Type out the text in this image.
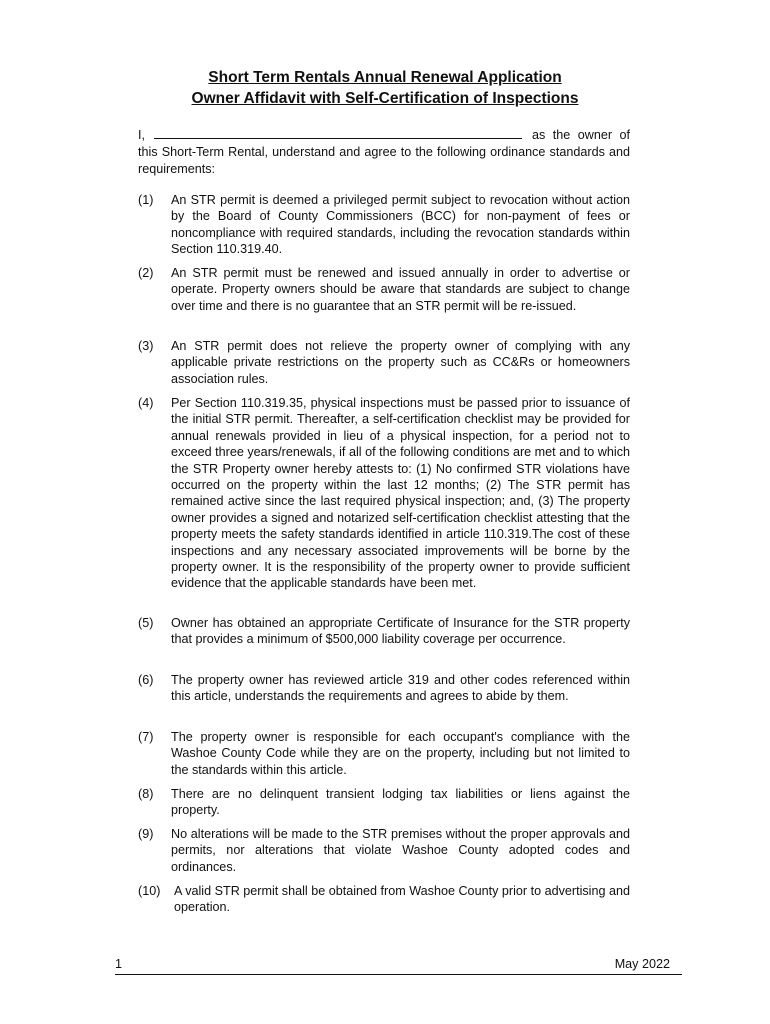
Short Term Rentals Annual Renewal Application
Owner Affidavit with Self-Certification of Inspections
I,	as the owner of this Short-Term Rental, understand and agree to the following ordinance standards and requirements:
(1)	An STR permit is deemed a privileged permit subject to revocation without action by the Board of County Commissioners (BCC) for non-payment of fees or noncompliance with required standards, including the revocation standards within Section 110.319.40.
(2)	An STR permit must be renewed and issued annually in order to advertise or operate. Property owners should be aware that standards are subject to change over time and there is no guarantee that an STR permit will be re-issued.
(3)	An STR permit does not relieve the property owner of complying with any applicable private restrictions on the property such as CC&Rs or homeowners association rules.
(4)	Per Section 110.319.35, physical inspections must be passed prior to issuance of the initial STR permit. Thereafter, a self-certification checklist may be provided for annual renewals provided in lieu of a physical inspection, for a period not to exceed three years/renewals, if all of the following conditions are met and to which the STR Property owner hereby attests to: (1) No confirmed STR violations have occurred on the property within the last 12 months; (2) The STR permit has remained active since the last required physical inspection; and, (3) The property owner provides a signed and notarized self-certification checklist attesting that the property meets the safety standards identified in article 110.319.The cost of these inspections and any necessary associated improvements will be borne by the property owner. It is the responsibility of the property owner to provide sufficient evidence that the applicable standards have been met.
(5)	Owner has obtained an appropriate Certificate of Insurance for the STR property that provides a minimum of $500,000 liability coverage per occurrence.
(6)	The property owner has reviewed article 319 and other codes referenced within this article, understands the requirements and agrees to abide by them.
(7)	The property owner is responsible for each occupant's compliance with the Washoe County Code while they are on the property, including but not limited to the standards within this article.
(8)	There are no delinquent transient lodging tax liabilities or liens against the property.
(9)	No alterations will be made to the STR premises without the proper approvals and permits, nor alterations that violate Washoe County adopted codes and ordinances.
(10)	A valid STR permit shall be obtained from Washoe County prior to advertising and operation.
1	May 2022
